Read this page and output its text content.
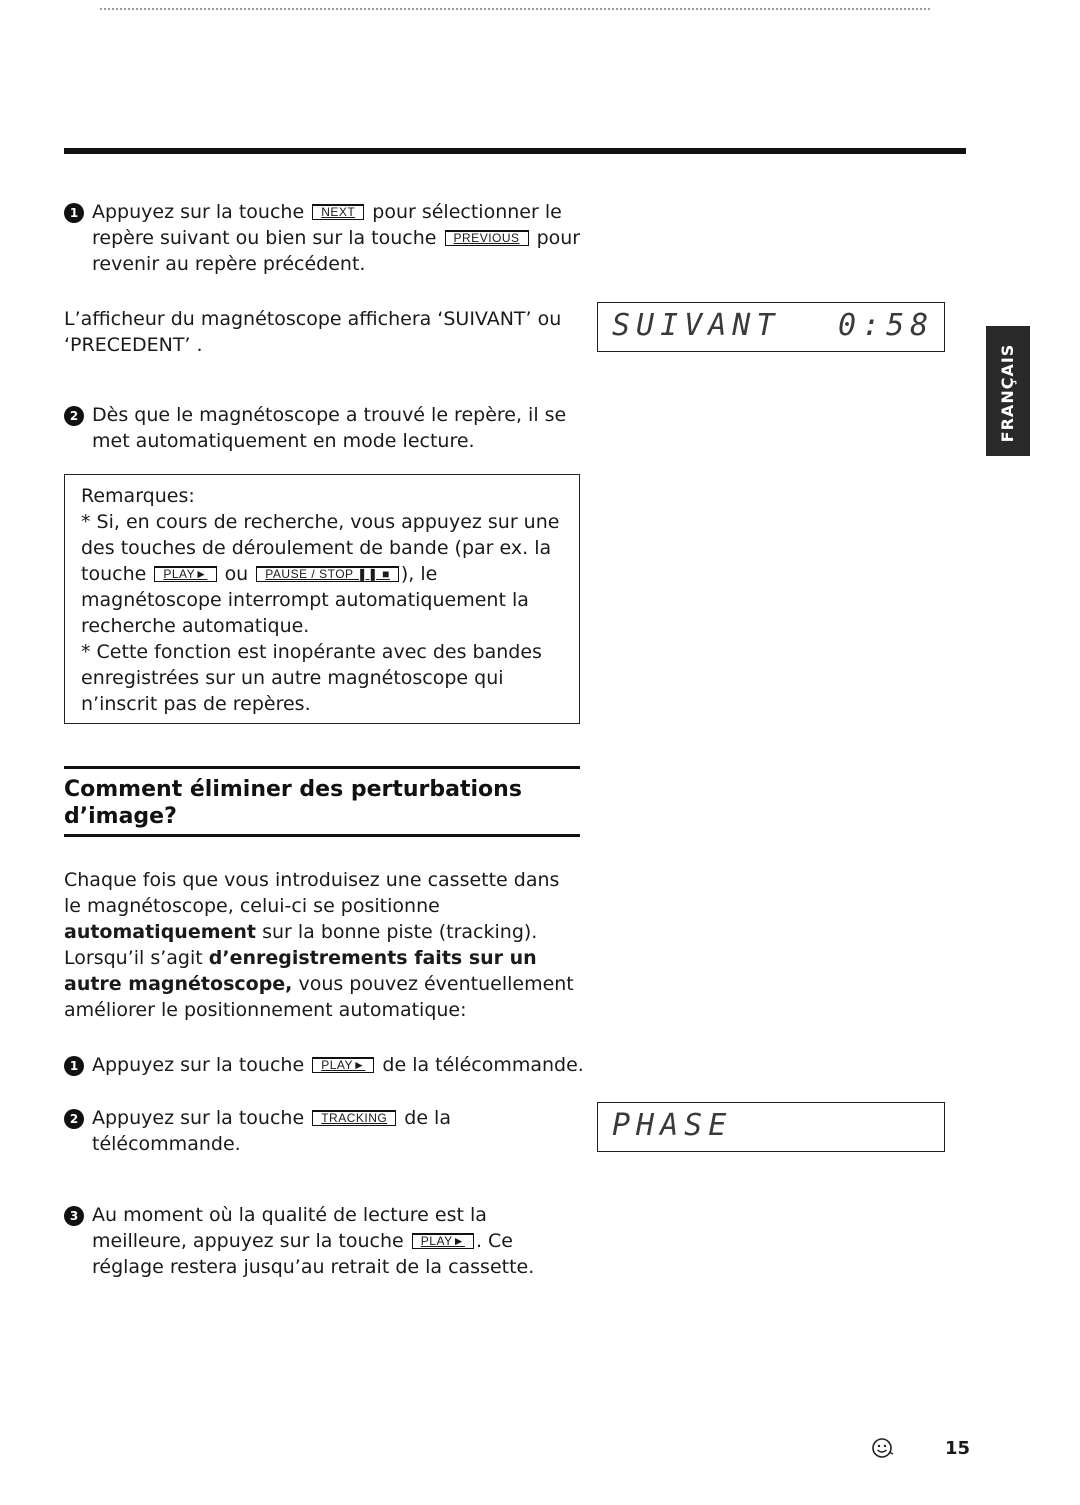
1 Appuyez sur la touche NEXT pour sélectionner le repère suivant ou bien sur la touche PREVIOUS pour revenir au repère précédent.
L’afficheur du magnétoscope affichera ‘SUIVANT’ ou ‘PRECEDENT’ .
SUIVANT 0:58
FRANÇAIS
2 Dès que le magnétoscope a trouvé le repère, il se met automatiquement en mode lecture.
Remarques:
* Si, en cours de recherche, vous appuyez sur une des touches de déroulement de bande (par ex. la touche PLAY► ou PAUSE / STOP ❚❚ ■ ), le magnétoscope interrompt automatiquement la recherche automatique.
* Cette fonction est inopérante avec des bandes enregistrées sur un autre magnétoscope qui n’inscrit pas de repères.
Comment éliminer des perturbations d’image?
Chaque fois que vous introduisez une cassette dans le magnétoscope, celui-ci se positionne automatiquement sur la bonne piste (tracking).
Lorsqu’il s’agit d’enregistrements faits sur un autre magnétoscope, vous pouvez éventuellement améliorer le positionnement automatique:
1 Appuyez sur la touche PLAY► de la télécommande.
2 Appuyez sur la touche TRACKING de la télécommande.
PHASE
3 Au moment où la qualité de lecture est la meilleure, appuyez sur la touche PLAY► . Ce réglage restera jusqu’au retrait de la cassette.
15
